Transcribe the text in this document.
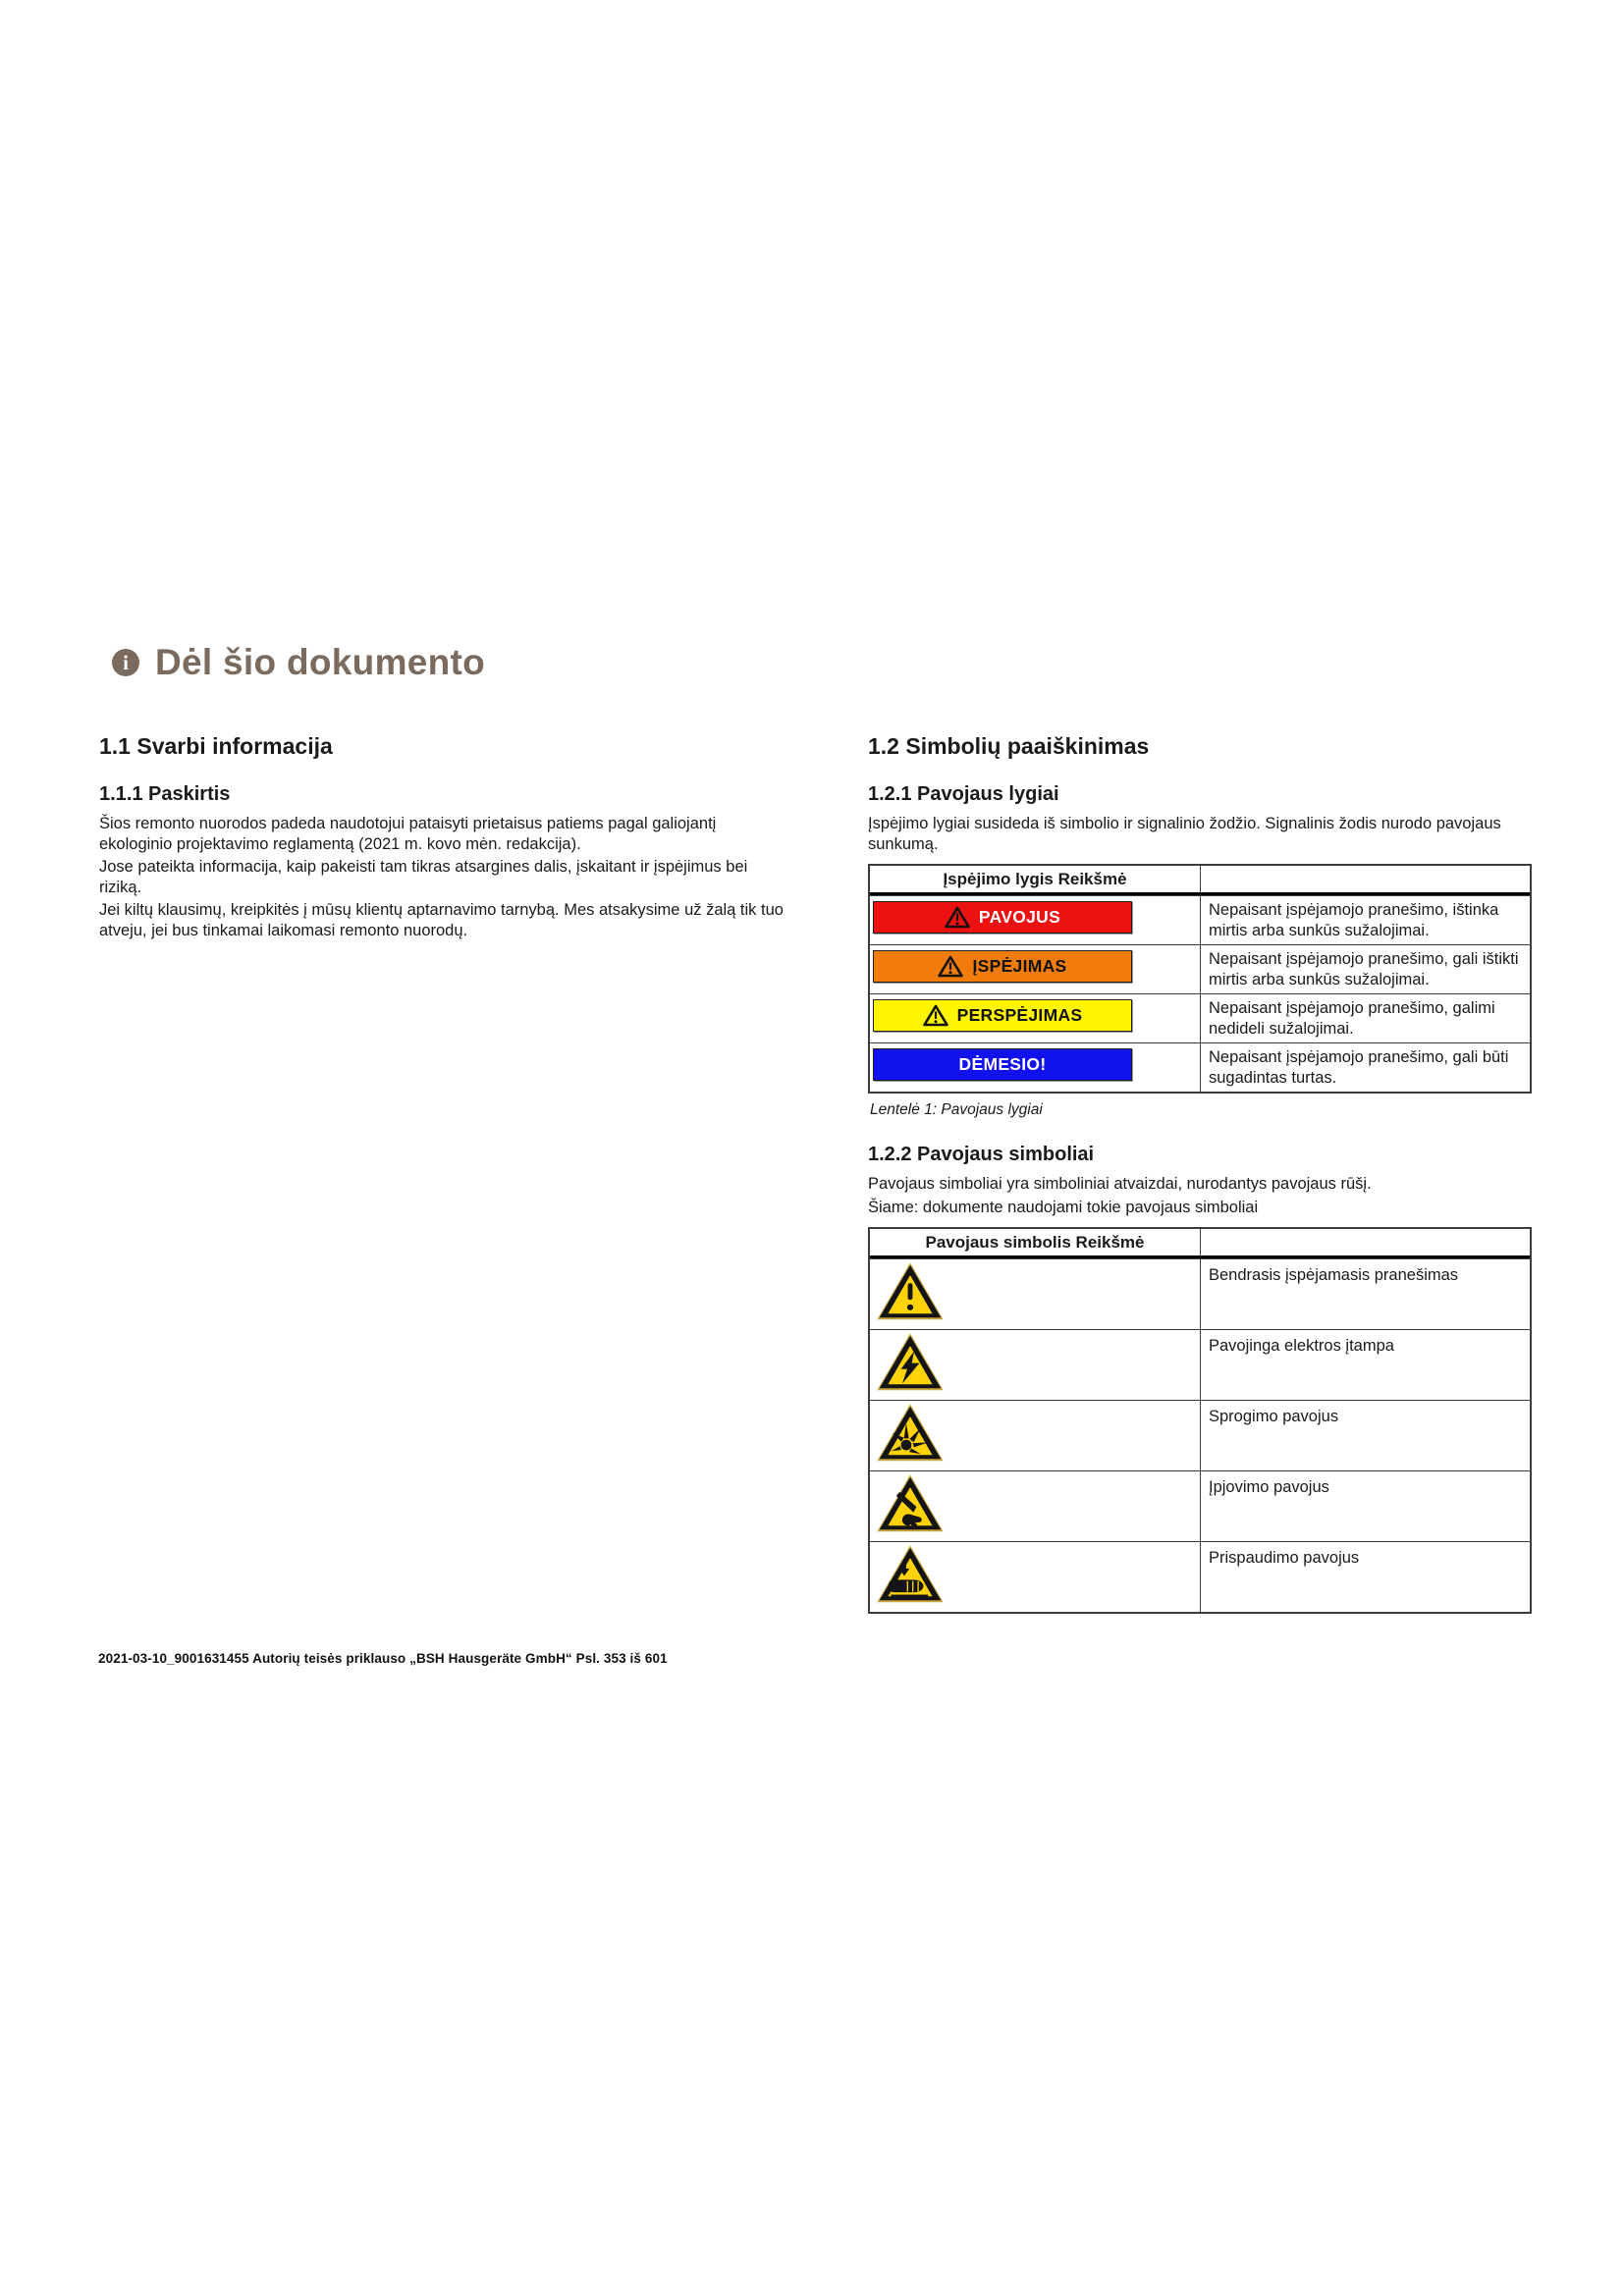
i Dėl šio dokumento
1.1 Svarbi informacija
1.1.1 Paskirtis

Šios remonto nuorodos padeda naudotojui pataisyti prietaisus patiems pagal galiojantį ekologinio projektavimo reglamentą (2021 m. kovo mėn. redakcija).

Jose pateikta informacija, kaip pakeisti tam tikras atsargines dalis, įskaitant ir įspėjimus bei riziką.

Jei kiltų klausimų, kreipkitės į mūsų klientų aptarnavimo tarnybą. Mes atsakysime už žalą tik tuo atveju, jei bus tinkamai laikomasi remonto nuorodų.

1.2 Simbolių paaiškinimas
1.2.1 Pavojaus lygiai

Įspėjimo lygiai susideda iš simbolio ir signalinio žodžio. Signalinis žodis nurodo pavojaus sunkumą.

Įspėjimo lygis Reikšmė
PAVOJUS	Nepaisant įspėjamojo pranešimo, ištinka mirtis arba sunkūs sužalojimai.
ĮSPĖJIMAS	Nepaisant įspėjamojo pranešimo, gali ištikti mirtis arba sunkūs sužalojimai.
PERSPĖJIMAS	Nepaisant įspėjamojo pranešimo, galimi nedideli sužalojimai.
DĖMESIO!	Nepaisant įspėjamojo pranešimo, gali būti sugadintas turtas.
Lentelė 1: Pavojaus lygiai
1.2.2 Pavojaus simboliai

Pavojaus simboliai yra simboliniai atvaizdai, nurodantys pavojaus rūšį.

Šiame: dokumente naudojami tokie pavojaus simboliai

Pavojaus simbolis Reikšmė
Bendrasis įspėjamasis pranešimas
Pavojinga elektros įtampa
Sprogimo pavojus
Įpjovimo pavojus
Prispaudimo pavojus
2021-03-10_9001631455 Autorių teisės priklauso „BSH Hausgeräte GmbH“ Psl. 353 iš 601
